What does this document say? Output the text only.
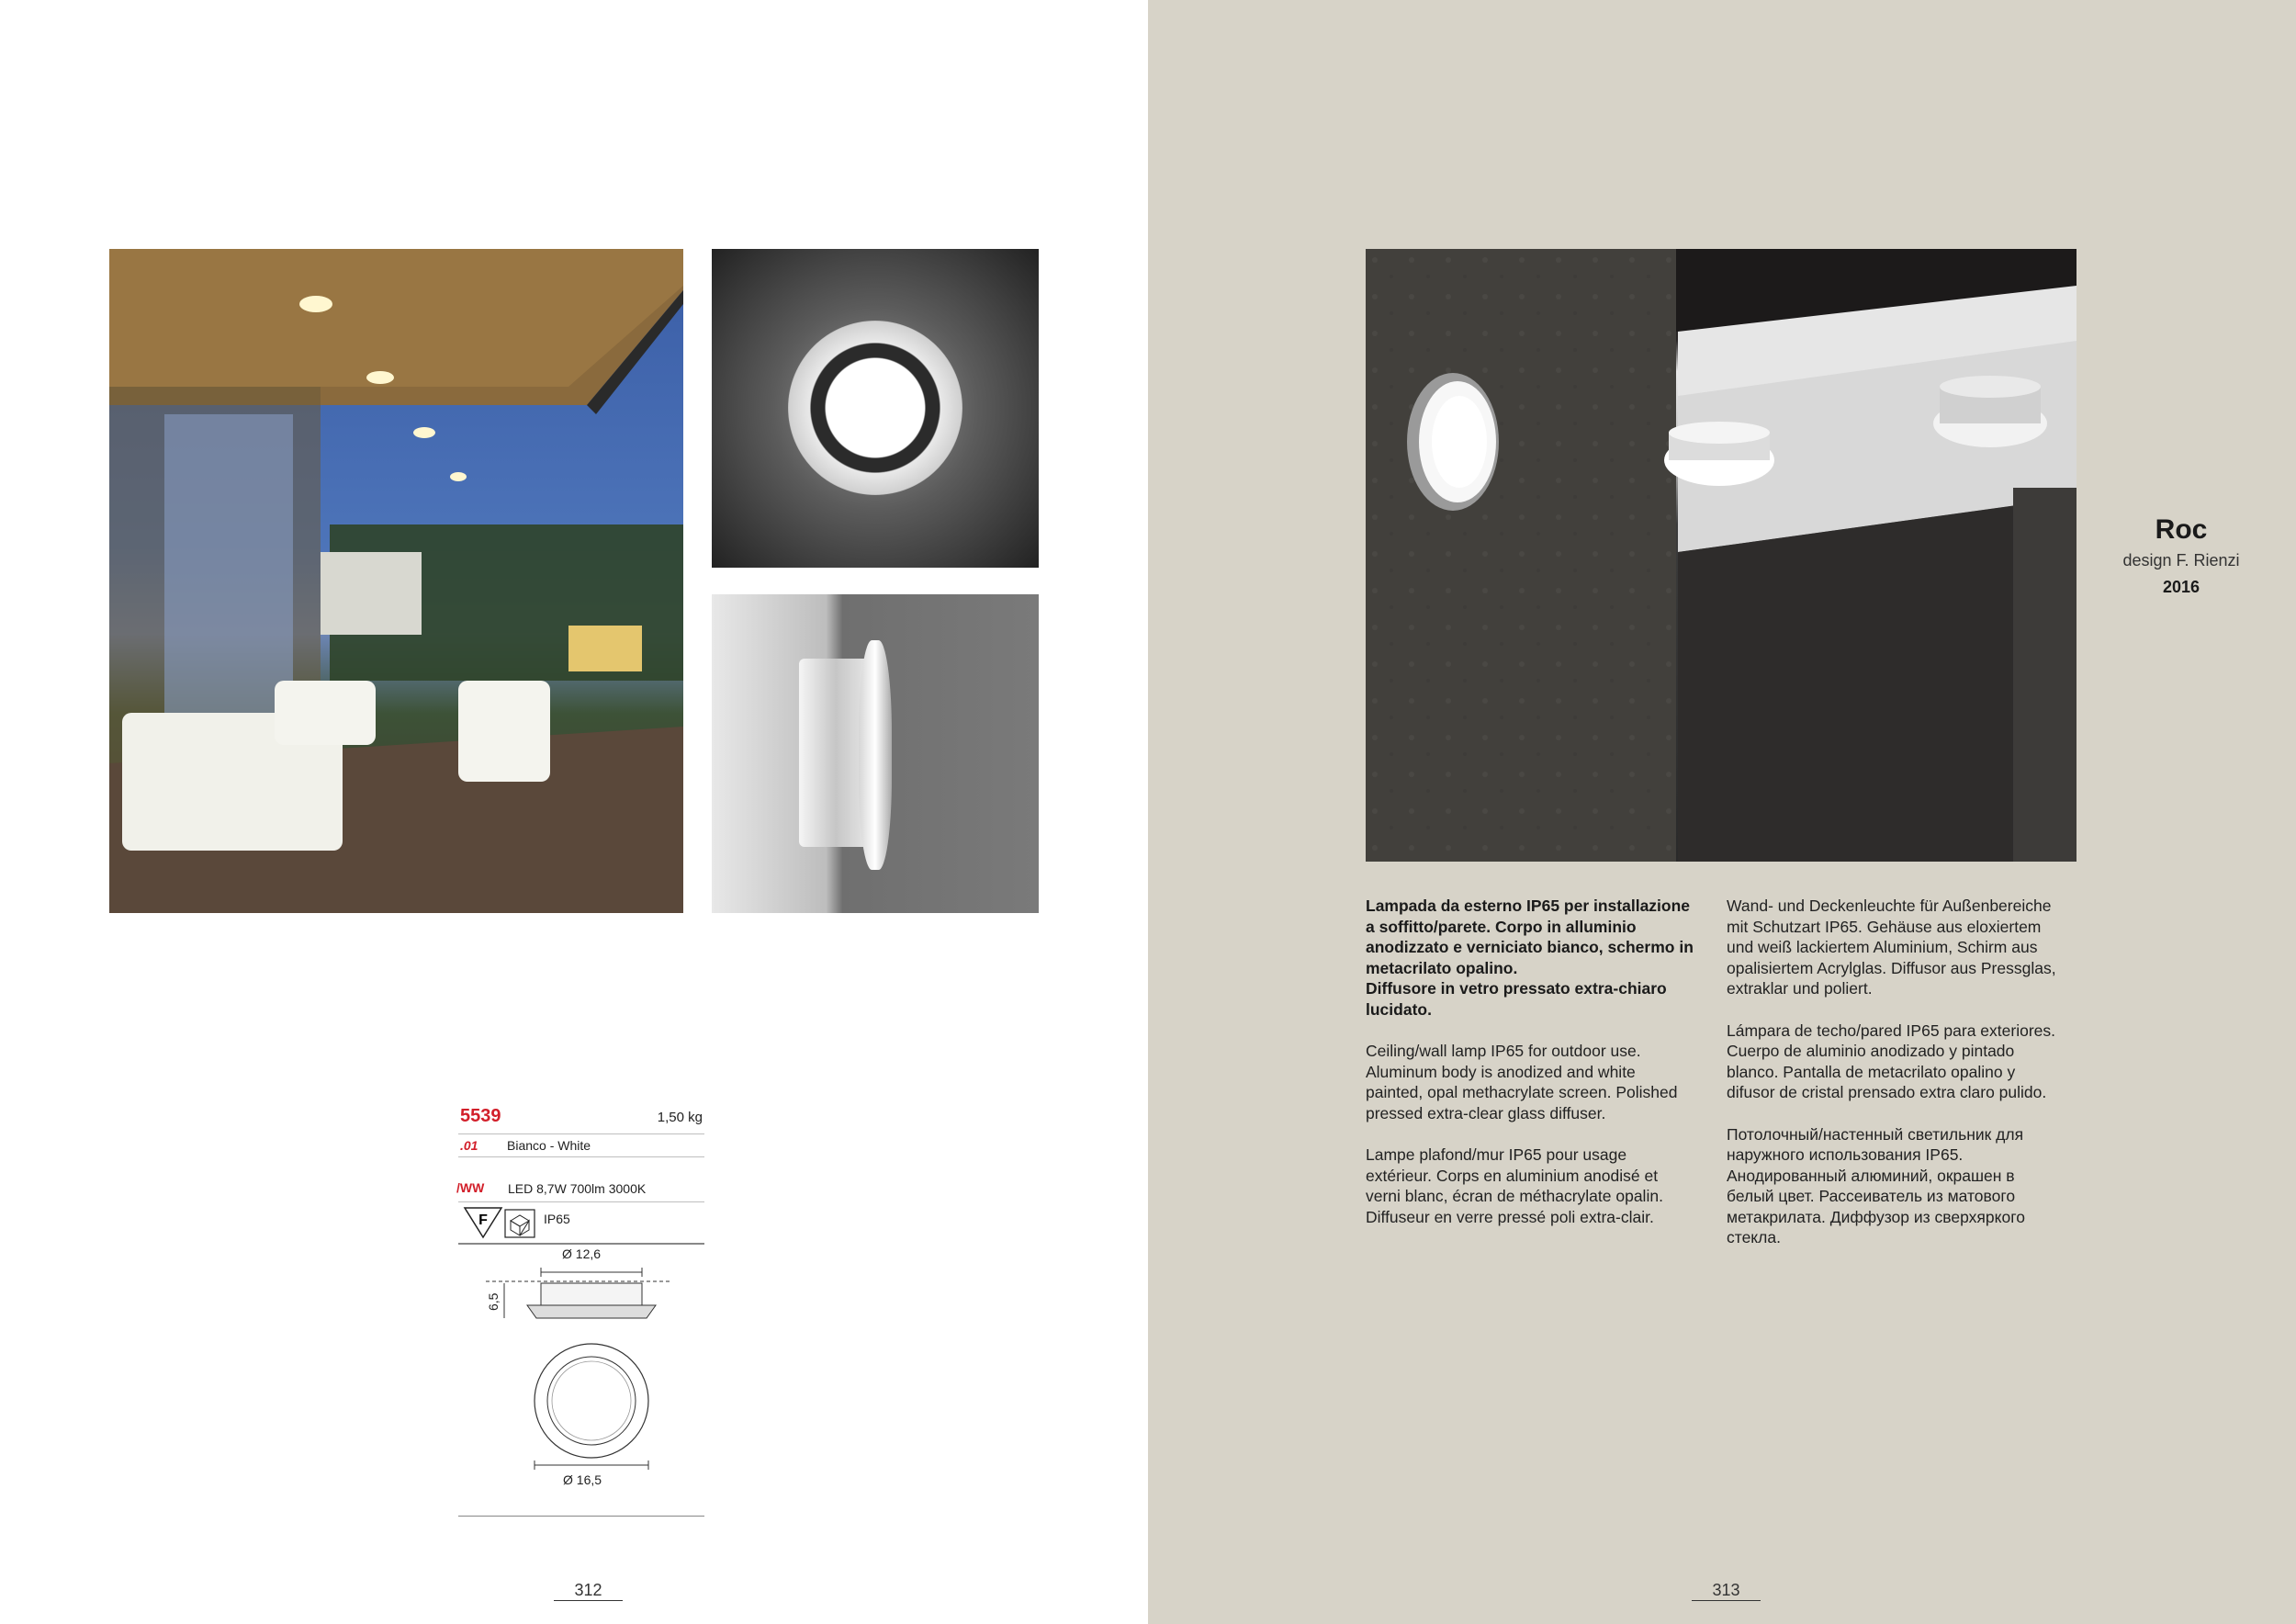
5539	1,50 kg
.01 Bianco - White
/WW LED 8,7W 700lm 3000K
F	IP65
Ø 12,6
6,5
Ø 16,5
312
Roc
design F. Rienzi
2016

Lampada da esterno IP65 per installazione a soffitto/parete. Corpo in alluminio anodizzato e verniciato bianco, schermo in metacrilato opalino.
Diffusore in vetro pressato extra-chiaro lucidato.

Ceiling/wall lamp IP65 for outdoor use. Aluminum body is anodized and white painted, opal methacrylate screen. Polished pressed extra-clear glass diffuser.

Lampe plafond/mur IP65 pour usage extérieur. Corps en aluminium anodisé et verni blanc, écran de méthacrylate opalin. Diffuseur en verre pressé poli extra-clair.

Wand- und Deckenleuchte für Außenbereiche mit Schutzart IP65. Gehäuse aus eloxiertem und weiß lackiertem Aluminium, Schirm aus opalisiertem Acrylglas. Diffusor aus Pressglas, extraklar und poliert.

Lámpara de techo/pared IP65 para exteriores. Cuerpo de aluminio anodizado y pintado blanco. Pantalla de metacrilato opalino y difusor de cristal prensado extra claro pulido.

Потолочный/настенный светильник для наружного использования IP65. Анодированный алюминий, окрашен в белый цвет. Рассеиватель из матового метакрилата. Диффузор из сверхяркого стекла.

313
